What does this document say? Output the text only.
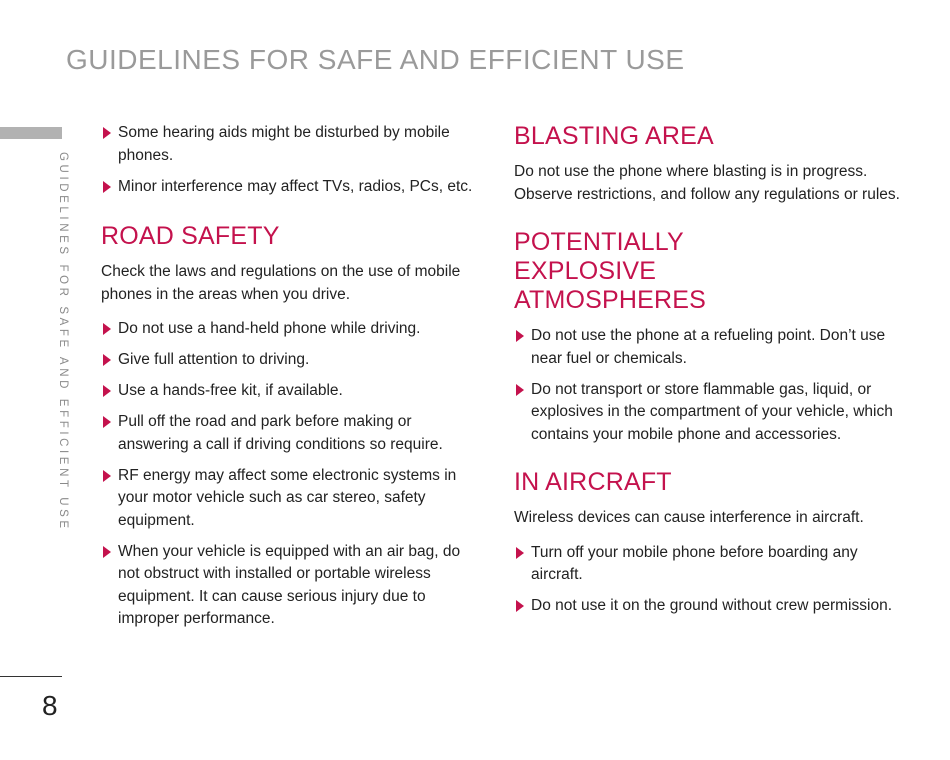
GUIDELINES FOR SAFE AND EFFICIENT USE
GUIDELINES FOR SAFE AND EFFICIENT USE
8
Some hearing aids might be disturbed by mobile phones.
Minor interference may affect TVs, radios, PCs, etc.
ROAD SAFETY

Check the laws and regulations on the use of mobile phones in the areas when you drive.

Do not use a hand-held phone while driving.
Give full attention to driving.
Use a hands-free kit, if available.
Pull off the road and park before making or answering a call if driving conditions so require.
RF energy may affect some electronic systems in your motor vehicle such as car stereo, safety equipment.
When your vehicle is equipped with an air bag, do not obstruct with installed or portable wireless equipment. It can cause serious injury due to improper performance.
BLASTING AREA

Do not use the phone where blasting is in progress. Observe restrictions, and follow any regulations or rules.

POTENTIALLY EXPLOSIVE ATMOSPHERES
Do not use the phone at a refueling point. Don’t use near fuel or chemicals.
Do not transport or store flammable gas, liquid, or explosives in the compartment of your vehicle, which contains your mobile phone and accessories.
IN AIRCRAFT

Wireless devices can cause interference in aircraft.

Turn off your mobile phone before boarding any aircraft.
Do not use it on the ground without crew permission.
